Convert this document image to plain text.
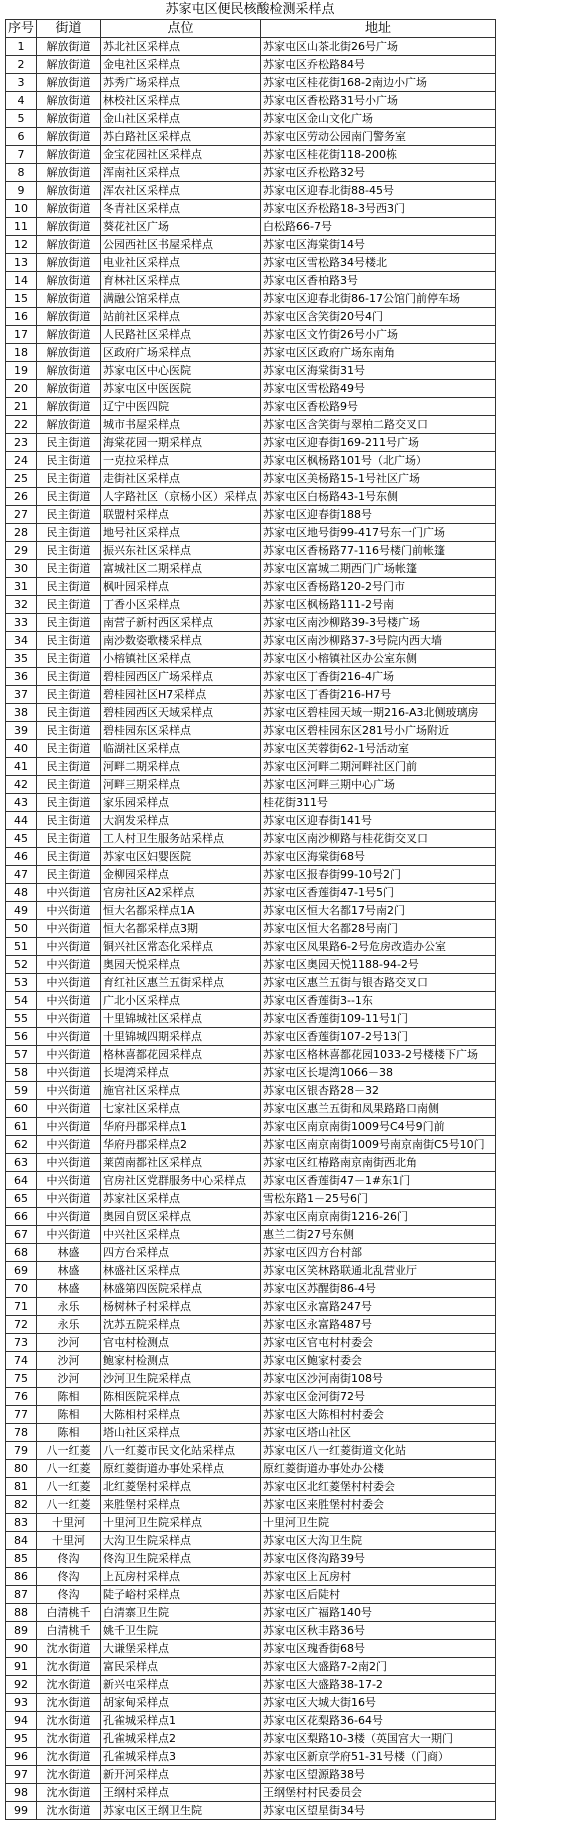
苏家屯区便民核酸检测采样点
序号	街道	点位	地址
1	解放街道	苏北社区采样点	苏家屯区山茶北街26号广场
2	解放街道	金电社区采样点	苏家屯区乔松路84号
3	解放街道	苏秀广场采样点	苏家屯区桂花街168-2南边小广场
4	解放街道	林校社区采样点	苏家屯区香松路31号小广场
5	解放街道	金山社区采样点	苏家屯区金山文化广场
6	解放街道	苏白路社区采样点	苏家屯区劳动公园南门警务室
7	解放街道	金宝花园社区采样点	苏家屯区桂花街118-200栋
8	解放街道	浑南社区采样点	苏家屯区乔松路32号
9	解放街道	浑农社区采样点	苏家屯区迎春北街88-45号
10	解放街道	冬青社区采样点	苏家屯区乔松路18-3号西3门
11	解放街道	葵花社区广场	白松路66-7号
12	解放街道	公园西社区书屋采样点	苏家屯区海棠街14号
13	解放街道	电业社区采样点	苏家屯区雪松路34号楼北
14	解放街道	育林社区采样点	苏家屯区香柏路3号
15	解放街道	满融公馆采样点	苏家屯区迎春北街86-17公馆门前停车场
16	解放街道	站前社区采样点	苏家屯区含笑街20号4门
17	解放街道	人民路社区采样点	苏家屯区文竹街26号小广场
18	解放街道	区政府广场采样点	苏家屯区区政府广场东南角
19	解放街道	苏家屯区中心医院	苏家屯区海棠街31号
20	解放街道	苏家屯区中医医院	苏家屯区雪松路49号
21	解放街道	辽宁中医四院	苏家屯区香松路9号
22	解放街道	城市书屋采样点	苏家屯区含笑街与翠柏二路交叉口
23	民主街道	海棠花园一期采样点	苏家屯区迎春街169-211号广场
24	民主街道	一克拉采样点	苏家屯区枫杨路101号（北广场）
25	民主街道	走街社区采样点	苏家屯区美杨路15-1号社区广场
26	民主街道	人字路社区（京杨小区）采样点	苏家屯区白杨路43-1号东侧
27	民主街道	联盟村采样点	苏家屯区迎春街188号
28	民主街道	地号社区采样点	苏家屯区地号街99-417号东一门广场
29	民主街道	振兴东社区采样点	苏家屯区香杨路77-116号楼门前帐篷
30	民主街道	富城社区二期采样点	苏家屯区富城二期西门广场帐篷
31	民主街道	枫叶园采样点	苏家屯区香杨路120-2号门市
32	民主街道	丁香小区采样点	苏家屯区枫杨路111-2号南
33	民主街道	南营子新村西区采样点	苏家屯区南沙柳路39-3号楼广场
34	民主街道	南沙数姿歌楼采样点	苏家屯区南沙柳路37-3号院内西大墙
35	民主街道	小榕镇社区采样点	苏家屯区小榕镇社区办公室东侧
36	民主街道	碧桂园西区广场采样点	苏家屯区丁香街216-4广场
37	民主街道	碧桂园社区H7采样点	苏家屯区丁香街216-H7号
38	民主街道	碧桂园西区天域采样点	苏家屯区碧桂园天域一期216-A3北侧玻璃房
39	民主街道	碧桂园东区采样点	苏家屯区碧桂园东区281号小广场附近
40	民主街道	临湖社区采样点	苏家屯区芙蓉街62-1号活动室
41	民主街道	河畔二期采样点	苏家屯区河畔二期河畔社区门前
42	民主街道	河畔三期采样点	苏家屯区河畔三期中心广场
43	民主街道	家乐园采样点	桂花街311号
44	民主街道	大润发采样点	苏家屯区迎春街141号
45	民主街道	工人村卫生服务站采样点	苏家屯区南沙柳路与桂花街交叉口
46	民主街道	苏家屯区妇婴医院	苏家屯区海棠街68号
47	民主街道	金柳园采样点	苏家屯区报春街99-10号2门
48	中兴街道	官房社区A2采样点	苏家屯区香莲街47-1号5门
49	中兴街道	恒大名都采样点1A	苏家屯区恒大名都17号南2门
50	中兴街道	恒大名都采样点3期	苏家屯区恒大名都28号南门
51	中兴街道	铜兴社区常态化采样点	苏家屯区凤果路6-2号危房改造办公室
52	中兴街道	奥园天悦采样点	苏家屯区奥园天悦1188-94-2号
53	中兴街道	育红社区惠兰五街采样点	苏家屯区惠兰五街与银杏路交叉口
54	中兴街道	广北小区采样点	苏家屯区香莲街3--1东
55	中兴街道	十里锦城社区采样点	苏家屯区香莲街109-11号1门
56	中兴街道	十里锦城四期采样点	苏家屯区香莲街107-2号13门
57	中兴街道	格林喜都花园采样点	苏家屯区格林喜都花园1033-2号楼楼下广场
58	中兴街道	长堤湾采样点	苏家屯区长堤湾1066－38
59	中兴街道	施官社区采样点	苏家屯区银杏路28－32
60	中兴街道	七家社区采样点	苏家屯区惠兰五街和凤果路路口南侧
61	中兴街道	华府丹郡采样点1	苏家屯区南京南街1009号C4号9门前
62	中兴街道	华府丹郡采样点2	苏家屯区南京南街1009号南京南街C5号10门
63	中兴街道	莱茵南都社区采样点	苏家屯区红椿路南京南街西北角
64	中兴街道	官房社区党群服务中心采样点	苏家屯区香莲街47－1#东1门
65	中兴街道	苏家社区采样点	雪松东路1－25号6门
66	中兴街道	奥园自贸区采样点	苏家屯区南京南街1216-26门
67	中兴街道	中兴社区采样点	惠兰二街27号东侧
68	林盛	四方台采样点	苏家屯区四方台村部
69	林盛	林盛社区采样点	苏家屯区笑林路联通北乱营业厅
70	林盛	林盛第四医院采样点	苏家屯区苏醒街86-4号
71	永乐	杨树林子村采样点	苏家屯区永富路247号
72	永乐	沈苏五院采样点	苏家屯区永富路487号
73	沙河	官屯村检测点	苏家屯区官屯村村委会
74	沙河	鲍家村检测点	苏家屯区鲍家村委会
75	沙河	沙河卫生院采样点	苏家屯区沙河南街108号
76	陈相	陈相医院采样点	苏家屯区金河街72号
77	陈相	大陈相村采样点	苏家屯区大陈相村村委会
78	陈相	塔山社区采样点	苏家屯区塔山社区
79	八一红菱	八一红菱市民文化站采样点	苏家屯区八一红菱街道文化站
80	八一红菱	原红菱街道办事处采样点	原红菱街道办事处办公楼
81	八一红菱	北红菱堡村采样点	苏家屯区北红菱堡村村委会
82	八一红菱	来胜堡村采样点	苏家屯区来胜堡村村委会
83	十里河	十里河卫生院采样点	十里河卫生院
84	十里河	大沟卫生院采样点	苏家屯区大沟卫生院
85	佟沟	佟沟卫生院采样点	苏家屯区佟沟路39号
86	佟沟	上瓦房村采样点	苏家屯区上瓦房村
87	佟沟	陡子峪村采样点	苏家屯区后陡村
88	白清桃千	白清寨卫生院	苏家屯区广福路140号
89	白清桃千	姚千卫生院	苏家屯区秋丰路36号
90	沈水街道	大谦堡采样点	苏家屯区瑰香街68号
91	沈水街道	富民采样点	苏家屯区大盛路7-2南2门
92	沈水街道	新兴屯采样点	苏家屯区大盛路38-17-2
93	沈水街道	胡家甸采样点	苏家屯区大城大街16号
94	沈水街道	孔雀城采样点1	苏家屯区花梨路36-64号
95	沈水街道	孔雀城采样点2	苏家屯区梨路10-3楼（英国宫大一期门
96	沈水街道	孔雀城采样点3	苏家屯区新京学府51-31号楼（门商）
97	沈水街道	新开河采样点	苏家屯区望源路38号
98	沈水街道	王纲村采样点	王纲堡村村民委员会
99	沈水街道	苏家屯区王纲卫生院	苏家屯区望星街34号
